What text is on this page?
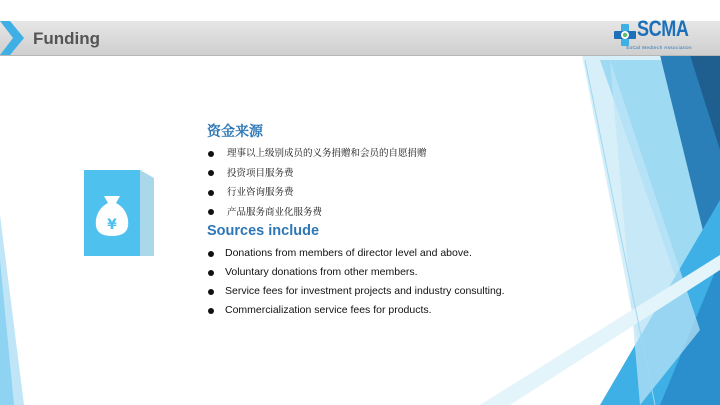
Funding	SCMA
SoCal Medtech Association
¥
资金来源
理事以上级别成员的义务捐赠和会员的自愿捐赠
投资项目服务费
行业咨询服务费
产品服务商业化服务费
Sources include
Donations from members of director level and above.
Voluntary donations from other members.
Service fees for investment projects and industry consulting.
Commercialization service fees for products.
